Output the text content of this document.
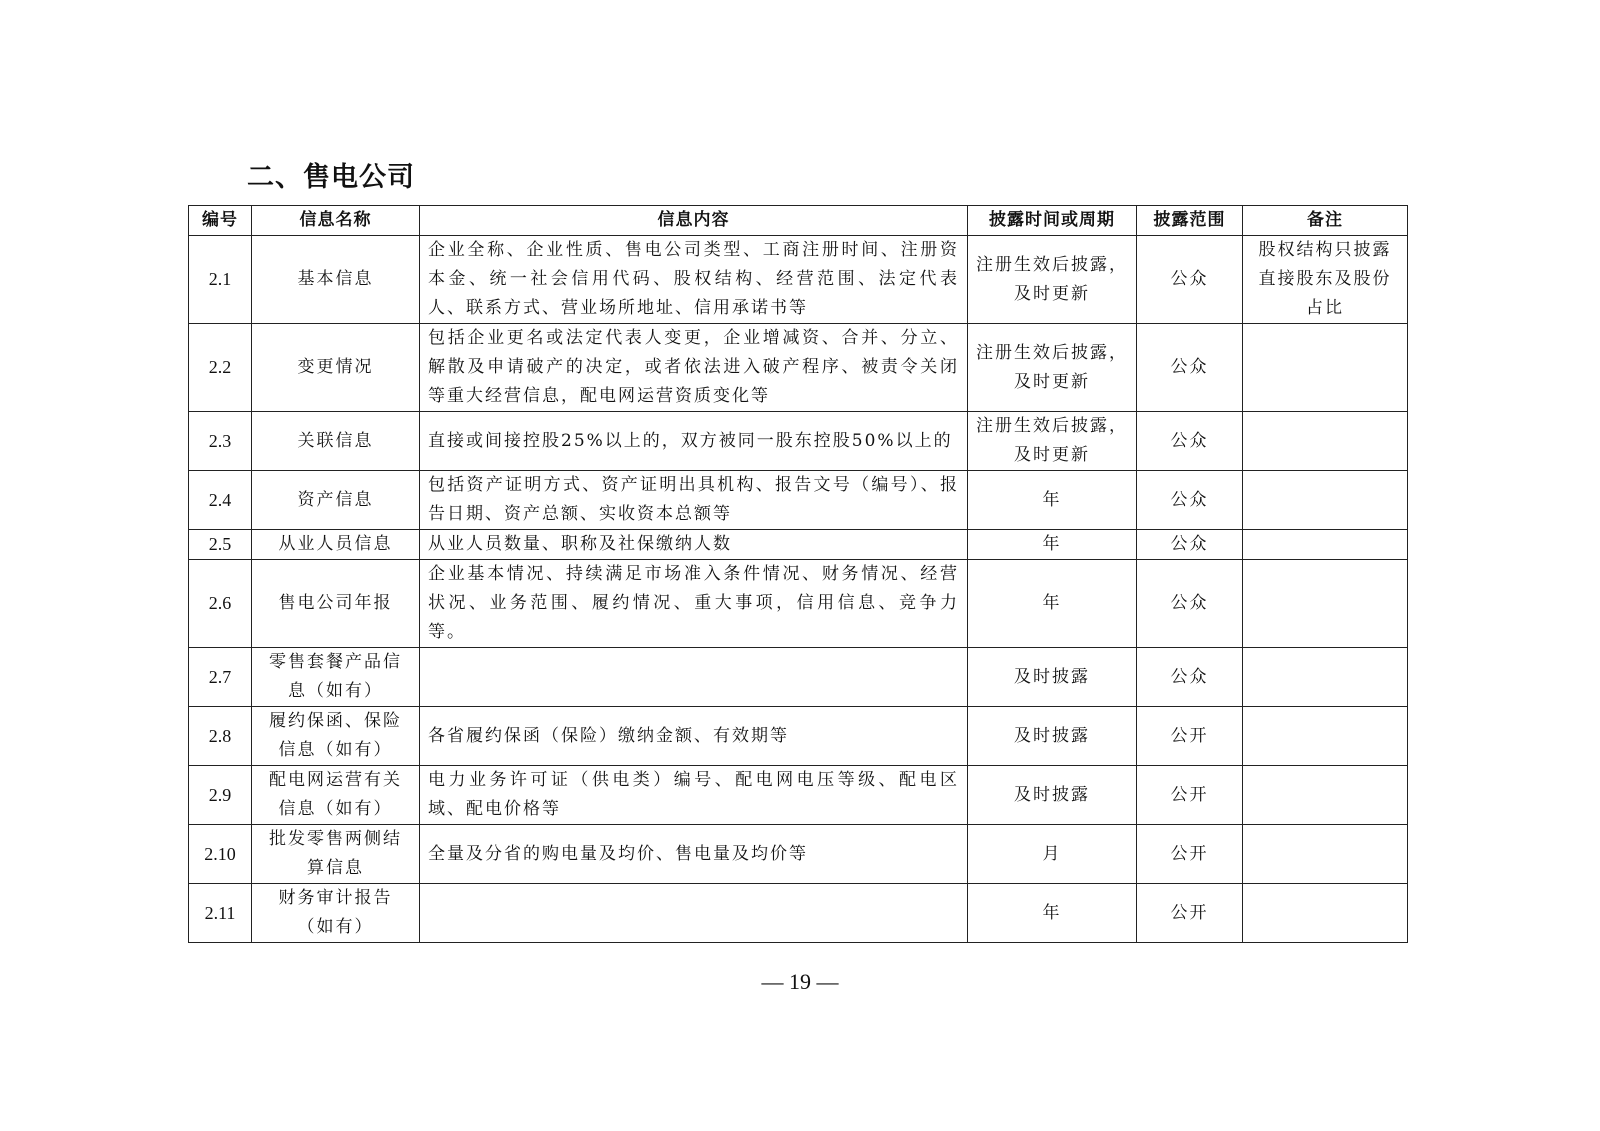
二、售电公司
编号	信息名称	信息内容	披露时间或周期	披露范围	备注
2.1	基本信息	企业全称、企业性质、售电公司类型、工商注册时间、注册资本金、统一社会信用代码、股权结构、经营范围、法定代表人、联系方式、营业场所地址、信用承诺书等	注册生效后披露，及时更新	公众	股权结构只披露直接股东及股份占比
2.2	变更情况	包括企业更名或法定代表人变更，企业增减资、合并、分立、解散及申请破产的决定，或者依法进入破产程序、被责令关闭等重大经营信息，配电网运营资质变化等	注册生效后披露，及时更新	公众	
2.3	关联信息	直接或间接控股25%以上的，双方被同一股东控股50%以上的	注册生效后披露，及时更新	公众	
2.4	资产信息	包括资产证明方式、资产证明出具机构、报告文号（编号）、报告日期、资产总额、实收资本总额等	年	公众	
2.5	从业人员信息	从业人员数量、职称及社保缴纳人数	年	公众	
2.6	售电公司年报	企业基本情况、持续满足市场准入条件情况、财务情况、经营状况、业务范围、履约情况、重大事项，信用信息、竞争力等。	年	公众	
2.7	零售套餐产品信息（如有）		及时披露	公众	
2.8	履约保函、保险信息（如有）	各省履约保函（保险）缴纳金额、有效期等	及时披露	公开	
2.9	配电网运营有关信息（如有）	电力业务许可证（供电类）编号、配电网电压等级、配电区域、配电价格等	及时披露	公开	
2.10	批发零售两侧结算信息	全量及分省的购电量及均价、售电量及均价等	月	公开	
2.11	财务审计报告（如有）		年	公开	
— 19 —
